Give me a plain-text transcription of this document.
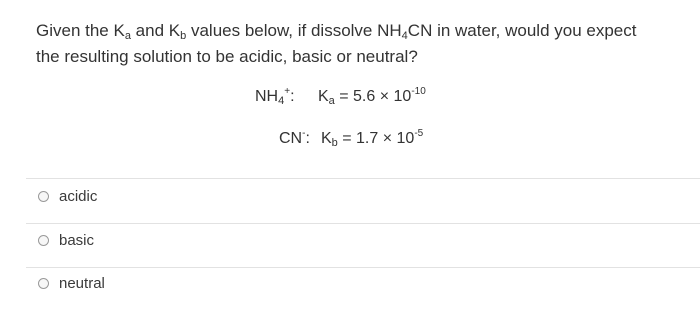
Given the $K_a$ and $K_b$ values below, if dissolve $NH_4CN$ in water, would you expect
the resulting solution to be acidic, basic or neutral?
$NH_4^+$: $K_a = 5.6 \times 10^{-10}$
CN-: $K_b = 1.7 \times 10^{-5}$
acidic
basic
neutral
